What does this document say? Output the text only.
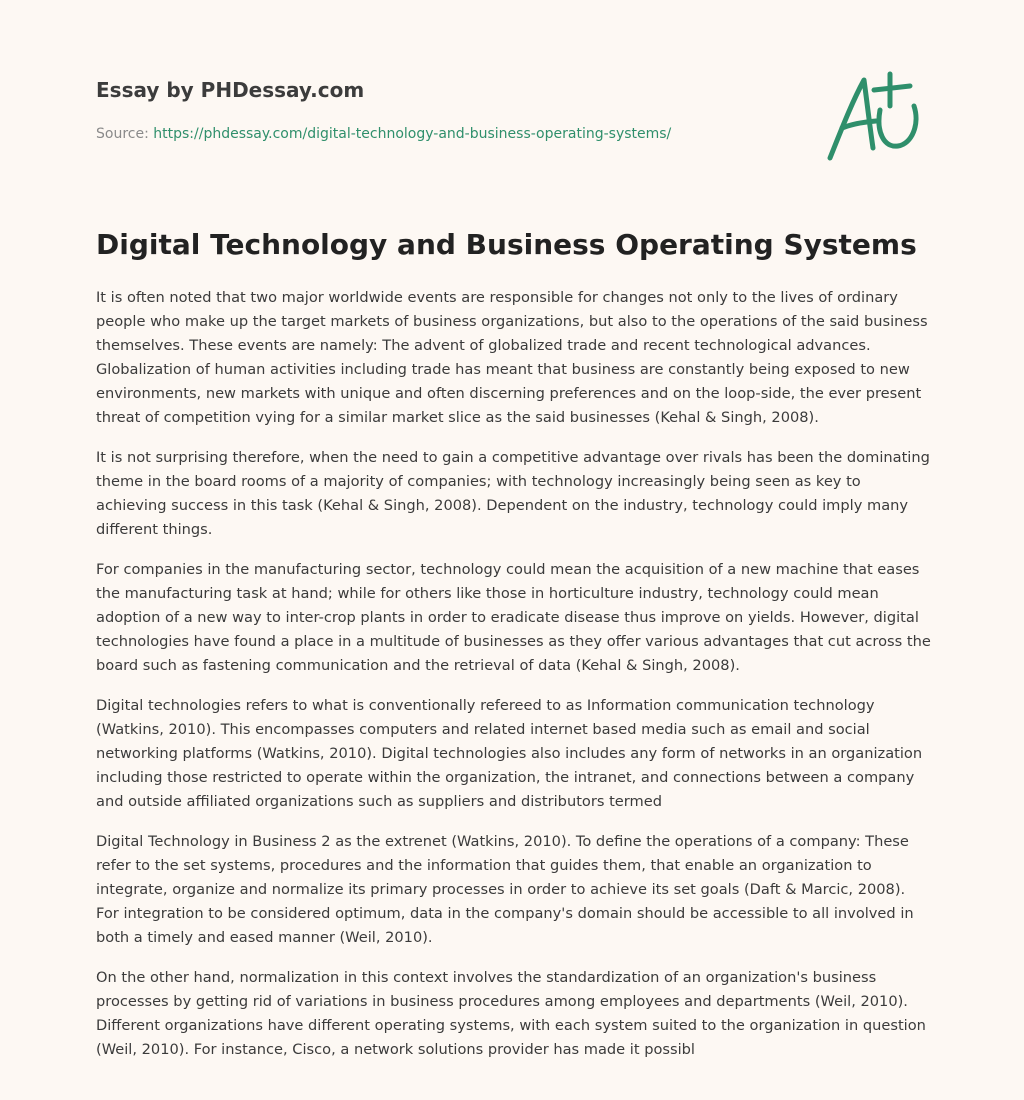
Essay by PHDessay.com
Source: https://phdessay.com/digital-technology-and-business-operating-systems/
Digital Technology and Business Operating Systems

It is often noted that two major worldwide events are responsible for changes not only to the lives of ordinary people who make up the target markets of business organizations, but also to the operations of the said business themselves. These events are namely: The advent of globalized trade and recent technological advances. Globalization of human activities including trade has meant that business are constantly being exposed to new environments, new markets with unique and often discerning preferences and on the loop-side, the ever present threat of competition vying for a similar market slice as the said businesses (Kehal & Singh, 2008).

It is not surprising therefore, when the need to gain a competitive advantage over rivals has been the dominating theme in the board rooms of a majority of companies; with technology increasingly being seen as key to achieving success in this task (Kehal & Singh, 2008). Dependent on the industry, technology could imply many different things.

For companies in the manufacturing sector, technology could mean the acquisition of a new machine that eases the manufacturing task at hand; while for others like those in horticulture industry, technology could mean adoption of a new way to inter-crop plants in order to eradicate disease thus improve on yields. However, digital technologies have found a place in a multitude of businesses as they offer various advantages that cut across the board such as fastening communication and the retrieval of data (Kehal & Singh, 2008).

Digital technologies refers to what is conventionally refereed to as Information communication technology (Watkins, 2010). This encompasses computers and related internet based media such as email and social networking platforms (Watkins, 2010). Digital technologies also includes any form of networks in an organization including those restricted to operate within the organization, the intranet, and connections between a company and outside affiliated organizations such as suppliers and distributors termed

Digital Technology in Business 2 as the extrenet (Watkins, 2010). To define the operations of a company: These refer to the set systems, procedures and the information that guides them, that enable an organization to integrate, organize and normalize its primary processes in order to achieve its set goals (Daft & Marcic, 2008). For integration to be considered optimum, data in the company's domain should be accessible to all involved in both a timely and eased manner (Weil, 2010).

On the other hand, normalization in this context involves the standardization of an organization's business processes by getting rid of variations in business procedures among employees and departments (Weil, 2010). Different organizations have different operating systems, with each system suited to the organization in question (Weil, 2010). For instance, Cisco, a network solutions provider has made it possibl
